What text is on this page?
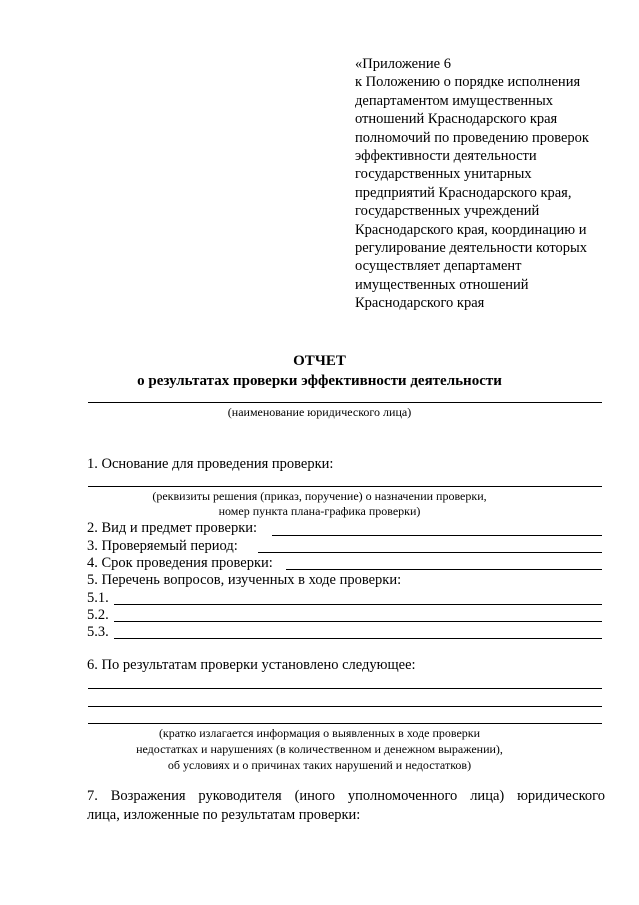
«Приложение 6
к Положению о порядке исполнения
департаментом имущественных
отношений Краснодарского края
полномочий по проведению проверок
эффективности деятельности
государственных унитарных
предприятий Краснодарского края,
государственных учреждений
Краснодарского края, координацию и
регулирование деятельности которых
осуществляет департамент
имущественных отношений
Краснодарского края
ОТЧЕТ
о результатах проверки эффективности деятельности
(наименование юридического лица)
1. Основание для проведения проверки:
(реквизиты решения (приказ, поручение) о назначении проверки,
номер пункта плана-графика проверки)
2. Вид и предмет проверки:
3. Проверяемый период:
4. Срок проведения проверки:
5. Перечень вопросов, изученных в ходе проверки:
5.1.
5.2.
5.3.
6. По результатам проверки установлено следующее:
(кратко излагается информация о выявленных в ходе проверки
недостатках и нарушениях (в количественном и денежном выражении),
об условиях и о причинах таких нарушений и недостатков)
7. Возражения руководителя (иного уполномоченного лица) юридического
лица, изложенные по результатам проверки:
